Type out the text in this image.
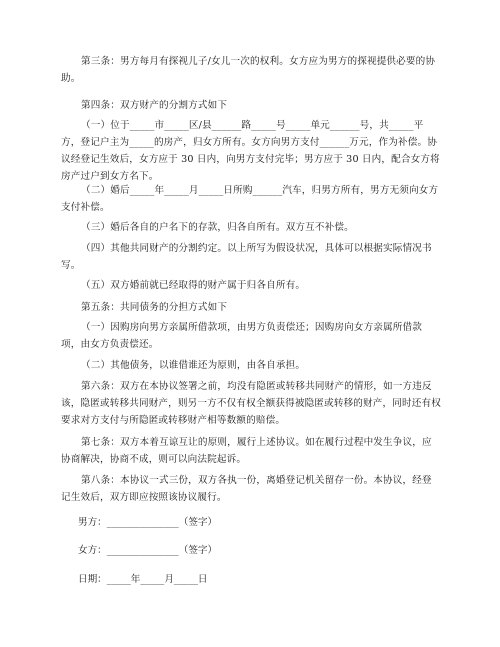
第三条：男方每月有探视儿子/女儿一次的权利。女方应为男方的探视提供必要的协助。

第四条：双方财产的分割方式如下

（一）位于_____市_____区/县______路_____号_____单元______号，共_____平方，登记户主为_____的房产，归女方所有。女方向男方支付______万元，作为补偿。协议经登记生效后，女方应于 30 日内，向男方支付完毕；男方应于 30 日内，配合女方将房产过户到女方名下。

（二）婚后_____年_____月_____日所购______汽车，归男方所有，男方无须向女方支付补偿。

（三）婚后各自的户名下的存款，归各自所有。双方互不补偿。

（四）其他共同财产的分割约定。以上所写为假设状况，具体可以根据实际情况书写。

（五）双方婚前就已经取得的财产属于归各自所有。

第五条：共同债务的分担方式如下

（一）因购房向男方亲属所借款项，由男方负责偿还；因购房向女方亲属所借款项，由女方负责偿还。

（二）其他债务，以谁借谁还为原则，由各自承担。

第六条：双方在本协议签署之前，均没有隐匿或转移共同财产的情形，如一方违反该，隐匿或转移共同财产，则另一方不仅有权全额获得被隐匿或转移的财产，同时还有权要求对方支付与所隐匿或转移财产相等数额的赔偿。

第七条：双方本着互谅互让的原则，履行上述协议。如在履行过程中发生争议，应协商解决，协商不成，则可以向法院起诉。

第八条：本协议一式三份，双方各执一份，离婚登记机关留存一份。本协议，经登记生效后，双方即应按照该协议履行。

男方：_______________（签字）
女方：_______________（签字）
日期：_____年_____月_____日
